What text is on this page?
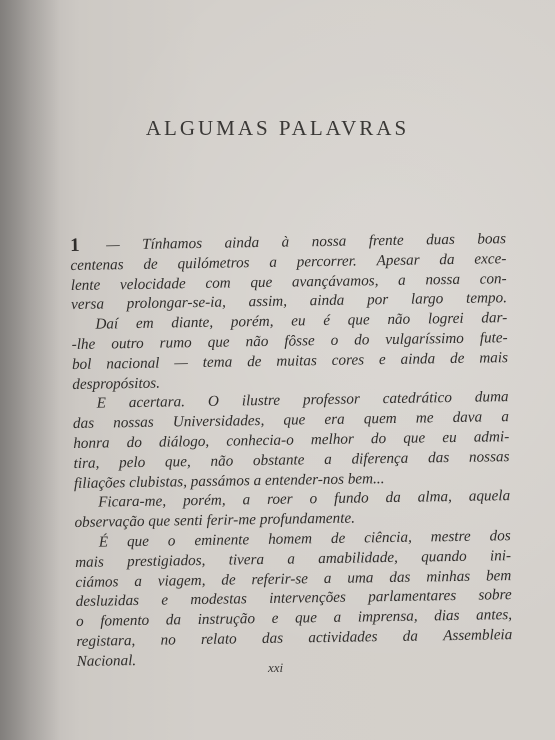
ALGUMAS PALAVRAS
1 — Tínhamos ainda à nossa frente duas boas
centenas de quilómetros a percorrer. Apesar da exce-
lente velocidade com que avançávamos, a nossa con-
versa prolongar-se-ia, assim, ainda por largo tempo.
Daí em diante, porém, eu é que não logrei dar-
-lhe outro rumo que não fôsse o do vulgaríssimo fute-
bol nacional — tema de muitas cores e ainda de mais
despropósitos.
E acertara. O ilustre professor catedrático duma
das nossas Universidades, que era quem me dava a
honra do diálogo, conhecia-o melhor do que eu admi-
tira, pelo que, não obstante a diferença das nossas
filiações clubistas, passámos a entender-nos bem...
Ficara-me, porém, a roer o fundo da alma, aquela
observação que senti ferir-me profundamente.
É que o eminente homem de ciência, mestre dos
mais prestigiados, tivera a amabilidade, quando ini-
ciámos a viagem, de referir-se a uma das minhas bem
desluzidas e modestas intervenções parlamentares sobre
o fomento da instrução e que a imprensa, dias antes,
registara, no relato das actividades da Assembleia
Nacional.	xxi
